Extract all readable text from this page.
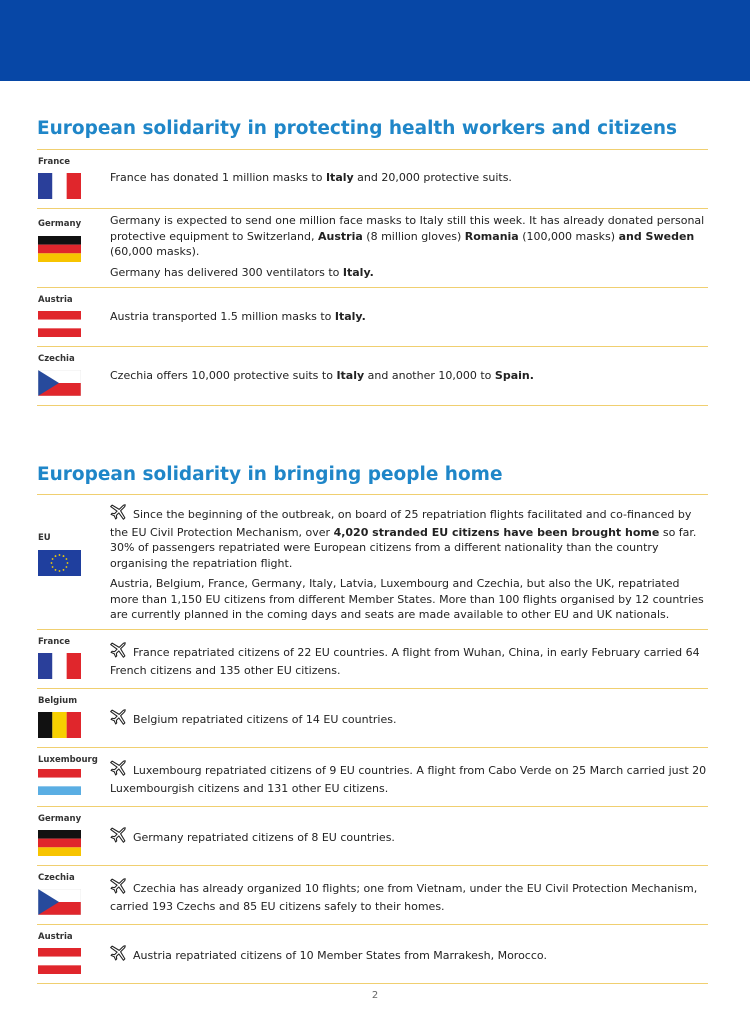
European solidarity in protecting health workers and citizens
France

France has donated 1 million masks to Italy and 20,000 protective suits.

Germany	Germany is expected to send one million face masks to Italy still this week. It has already donated personal protective equipment to Switzerland, Austria (8 million gloves) Romania (100,000 masks) and Sweden (60,000 masks).

Germany has delivered 300 ventilators to Italy.

Austria

Austria transported 1.5 million masks to Italy.

Czechia

Czechia offers 10,000 protective suits to Italy and another 10,000 to Spain.

European solidarity in bringing people home
EU

Since the beginning of the outbreak, on board of 25 repatriation flights facilitated and co-financed by the EU Civil Protection Mechanism, over 4,020 stranded EU citizens have been brought home so far. 30% of passengers repatriated were European citizens from a different nationality than the country organising the repatriation flight.

Austria, Belgium, France, Germany, Italy, Latvia, Luxembourg and Czechia, but also the UK, repatriated more than 1,150 EU citizens from different Member States. More than 100 flights organised by 12 countries are currently planned in the coming days and seats are made available to other EU and UK nationals.

France

France repatriated citizens of 22 EU countries. A flight from Wuhan, China, in early February carried 64 French citizens and 135 other EU citizens.

Belgium

Belgium repatriated citizens of 14 EU countries.

Luxembourg

Luxembourg repatriated citizens of 9 EU countries. A flight from Cabo Verde on 25 March carried just 20 Luxembourgish citizens and 131 other EU citizens.

Germany

Germany repatriated citizens of 8 EU countries.

Czechia

Czechia has already organized 10 flights; one from Vietnam, under the EU Civil Protection Mechanism, carried 193 Czechs and 85 EU citizens safely to their homes.

Austria

Austria repatriated citizens of 10 Member States from Marrakesh, Morocco.

2
